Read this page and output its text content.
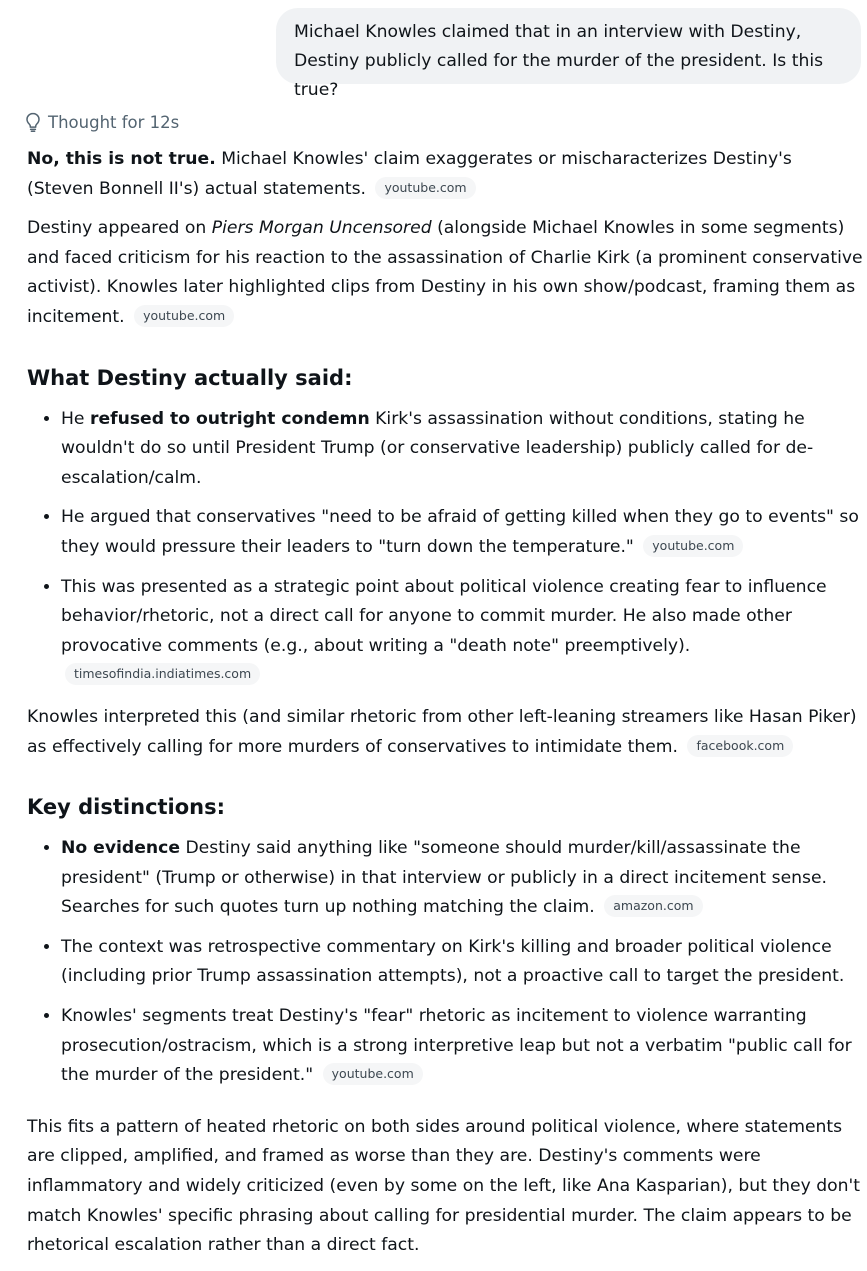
Michael Knowles claimed that in an interview with Destiny, Destiny publicly called for the murder of the president. Is this true?
Thought for 12s

No, this is not true. Michael Knowles' claim exaggerates or mischaracterizes Destiny's (Steven Bonnell II's) actual statements. youtube.com

Destiny appeared on Piers Morgan Uncensored (alongside Michael Knowles in some segments) and faced criticism for his reaction to the assassination of Charlie Kirk (a prominent conservative activist). Knowles later highlighted clips from Destiny in his own show/podcast, framing them as incitement. youtube.com

What Destiny actually said:
• He refused to outright condemn Kirk's assassination without conditions, stating he wouldn't do so until President Trump (or conservative leadership) publicly called for de-escalation/calm.
• He argued that conservatives "need to be afraid of getting killed when they go to events" so they would pressure their leaders to "turn down the temperature." youtube.com
• This was presented as a strategic point about political violence creating fear to influence behavior/rhetoric, not a direct call for anyone to commit murder. He also made other provocative comments (e.g., about writing a "death note" preemptively). timesofindia.indiatimes.com

Knowles interpreted this (and similar rhetoric from other left-leaning streamers like Hasan Piker) as effectively calling for more murders of conservatives to intimidate them. facebook.com

Key distinctions:
• No evidence Destiny said anything like "someone should murder/kill/assassinate the president" (Trump or otherwise) in that interview or publicly in a direct incitement sense. Searches for such quotes turn up nothing matching the claim. amazon.com
• The context was retrospective commentary on Kirk's killing and broader political violence (including prior Trump assassination attempts), not a proactive call to target the president.
• Knowles' segments treat Destiny's "fear" rhetoric as incitement to violence warranting prosecution/ostracism, which is a strong interpretive leap but not a verbatim "public call for the murder of the president." youtube.com

This fits a pattern of heated rhetoric on both sides around political violence, where statements are clipped, amplified, and framed as worse than they are. Destiny's comments were inflammatory and widely criticized (even by some on the left, like Ana Kasparian), but they don't match Knowles' specific phrasing about calling for presidential murder. The claim appears to be rhetorical escalation rather than a direct fact.
